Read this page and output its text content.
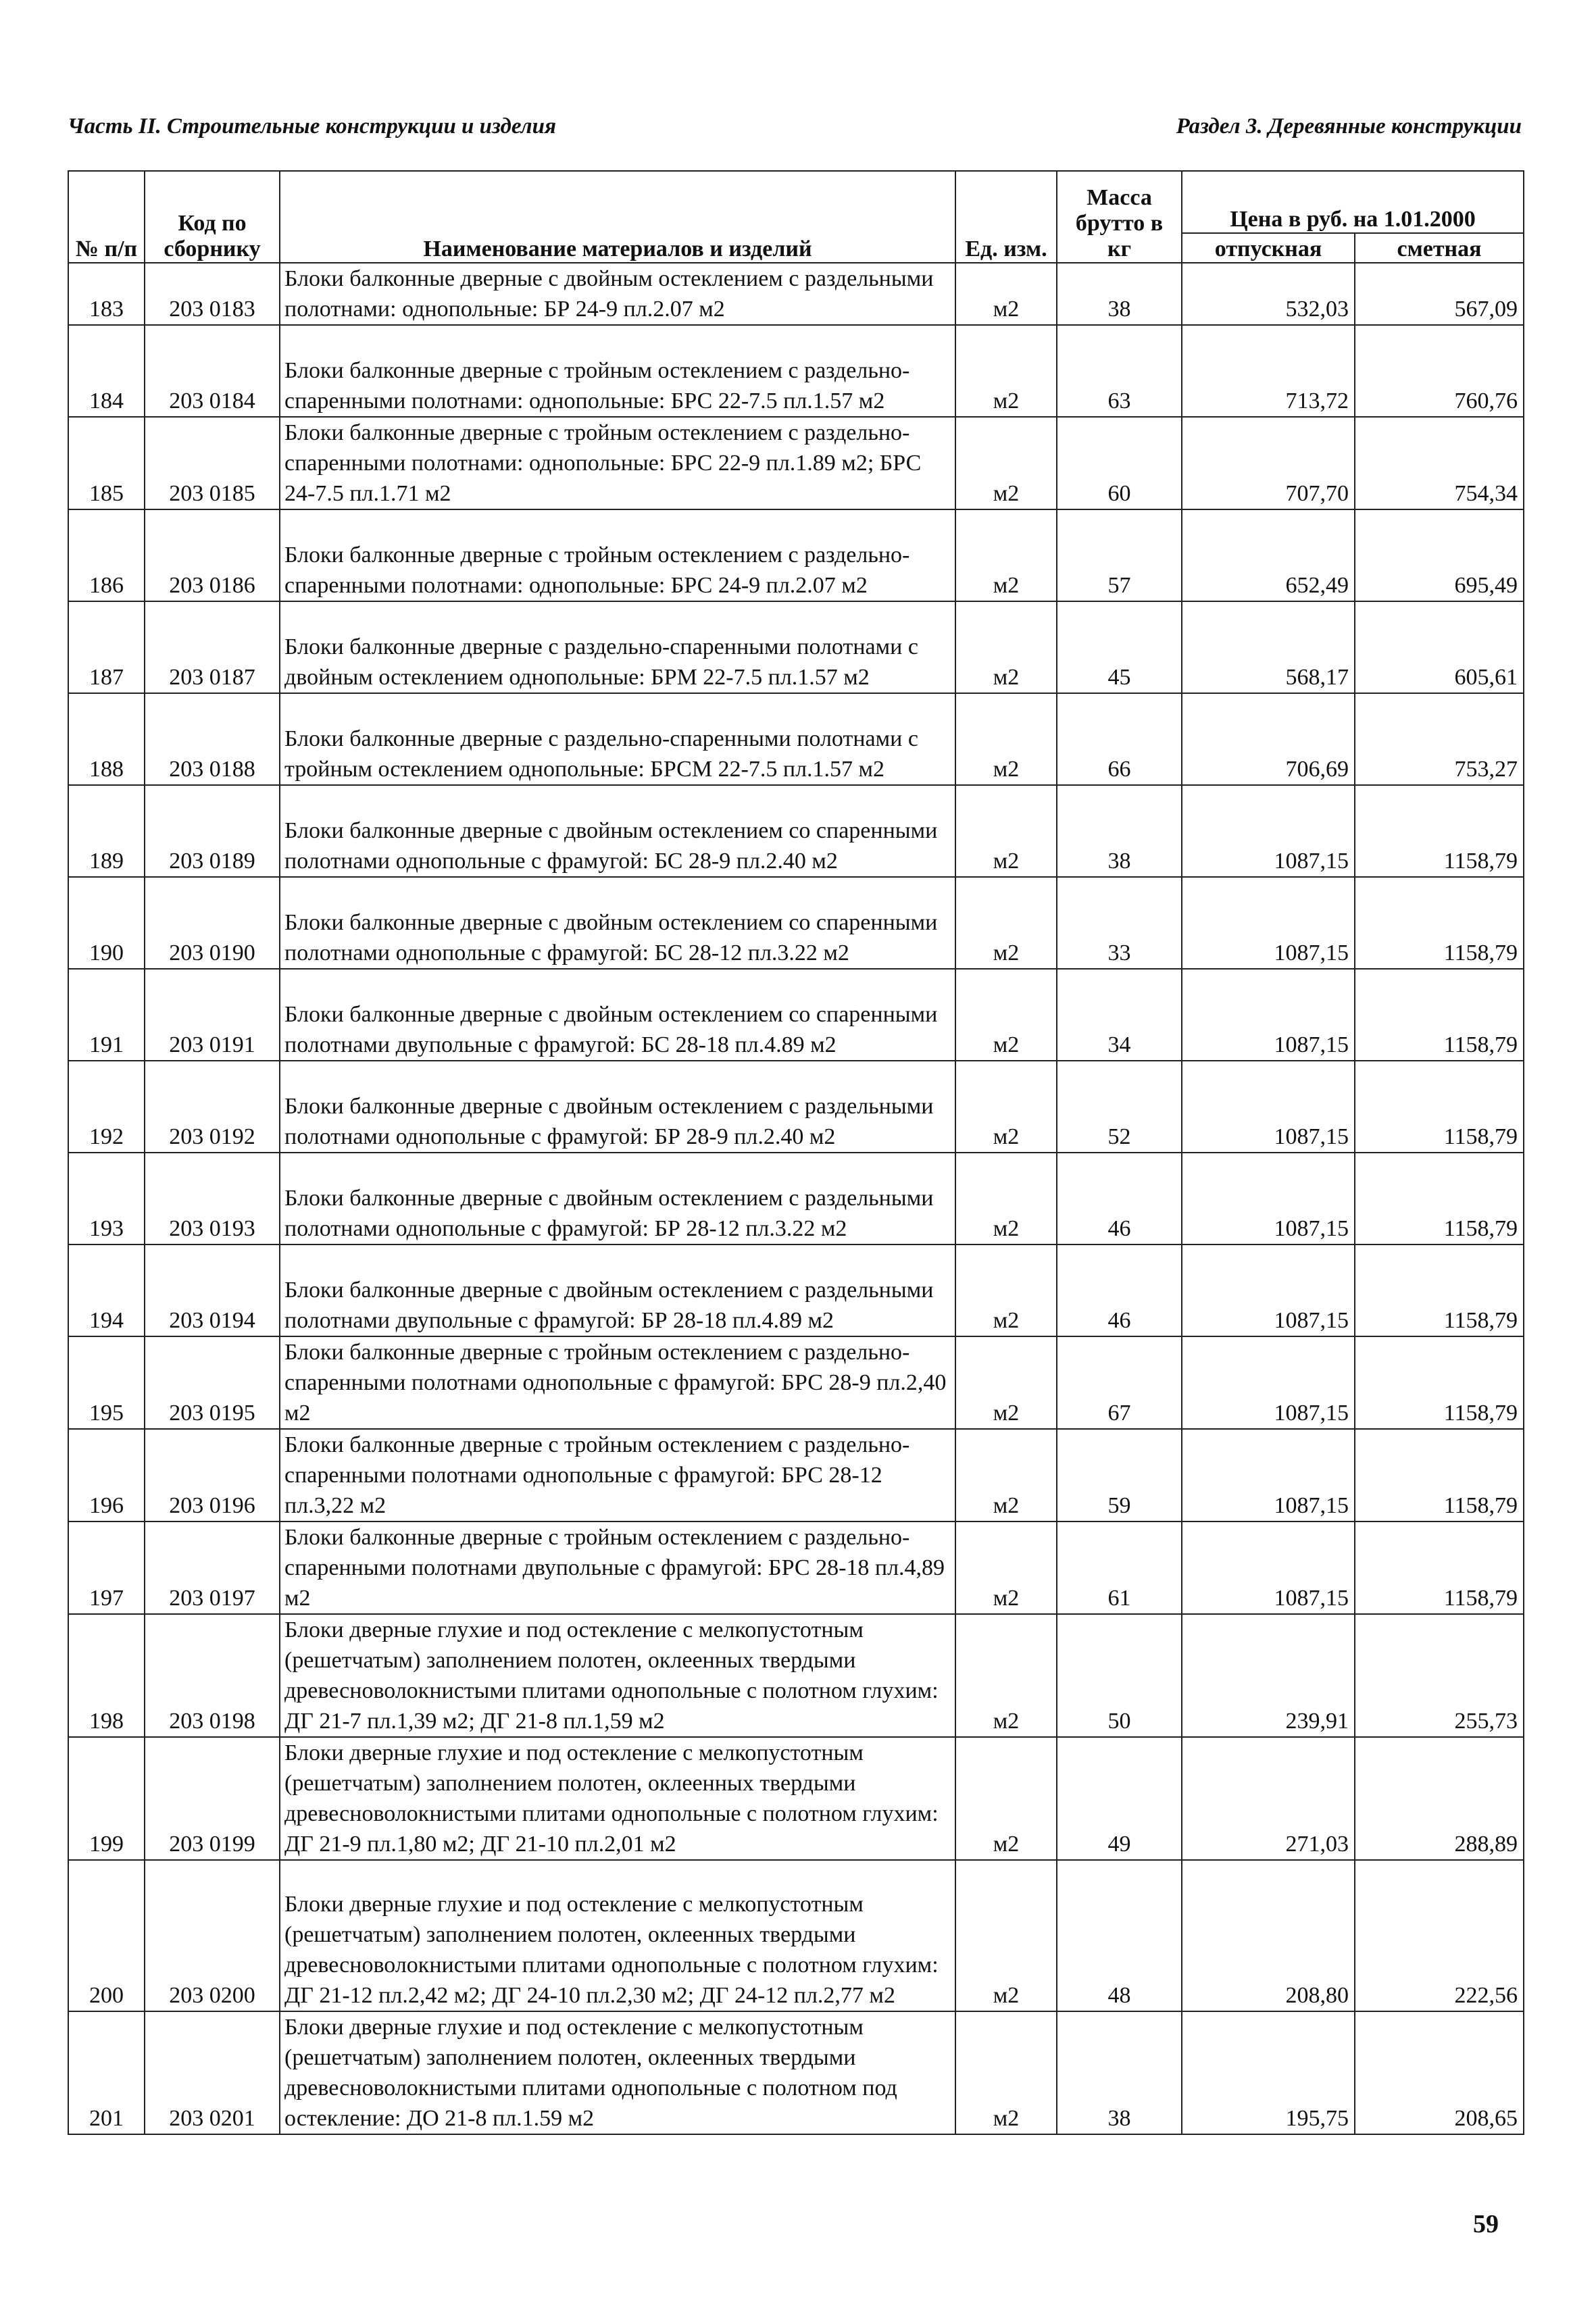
Часть II. Строительные конструкции и изделия	Раздел 3. Деревянные конструкции
№ п/п	Код по сборнику	Наименование материалов и изделий	Ед. изм.	Масса брутто в кг	Цена в руб. на 1.01.2000	
					отпускная	сметная
183	203 0183	Блоки балконные дверные с двойным остеклением с раздельными полотнами: однопольные: БР 24-9 пл.2.07 м2	м2	38	532,03	567,09
184	203 0184	Блоки балконные дверные с тройным остеклением с раздельно-спаренными полотнами: однопольные: БРС 22-7.5 пл.1.57 м2	м2	63	713,72	760,76
185	203 0185	Блоки балконные дверные с тройным остеклением с раздельно-спаренными полотнами: однопольные: БРС 22-9 пл.1.89 м2; БРС 24-7.5 пл.1.71 м2	м2	60	707,70	754,34
186	203 0186	Блоки балконные дверные с тройным остеклением с раздельно-спаренными полотнами: однопольные: БРС 24-9 пл.2.07 м2	м2	57	652,49	695,49
187	203 0187	Блоки балконные дверные с раздельно-спаренными полотнами с двойным остеклением однопольные: БРМ 22-7.5 пл.1.57 м2	м2	45	568,17	605,61
188	203 0188	Блоки балконные дверные с раздельно-спаренными полотнами с тройным остеклением однопольные: БРСМ 22-7.5 пл.1.57 м2	м2	66	706,69	753,27
189	203 0189	Блоки балконные дверные с двойным остеклением со спаренными полотнами однопольные с фрамугой: БС 28-9 пл.2.40 м2	м2	38	1087,15	1158,79
190	203 0190	Блоки балконные дверные с двойным остеклением со спаренными полотнами однопольные с фрамугой: БС 28-12 пл.3.22 м2	м2	33	1087,15	1158,79
191	203 0191	Блоки балконные дверные с двойным остеклением со спаренными полотнами двупольные с фрамугой: БС 28-18 пл.4.89 м2	м2	34	1087,15	1158,79
192	203 0192	Блоки балконные дверные с двойным остеклением с раздельными полотнами однопольные с фрамугой: БР 28-9 пл.2.40 м2	м2	52	1087,15	1158,79
193	203 0193	Блоки балконные дверные с двойным остеклением с раздельными полотнами однопольные с фрамугой: БР 28-12 пл.3.22 м2	м2	46	1087,15	1158,79
194	203 0194	Блоки балконные дверные с двойным остеклением с раздельными полотнами двупольные с фрамугой: БР 28-18 пл.4.89 м2	м2	46	1087,15	1158,79
195	203 0195	Блоки балконные дверные с тройным остеклением с раздельно-спаренными полотнами однопольные с фрамугой: БРС 28-9 пл.2,40 м2	м2	67	1087,15	1158,79
196	203 0196	Блоки балконные дверные с тройным остеклением с раздельно-спаренными полотнами однопольные с фрамугой: БРС 28-12 пл.3,22 м2	м2	59	1087,15	1158,79
197	203 0197	Блоки балконные дверные с тройным остеклением с раздельно-спаренными полотнами двупольные с фрамугой: БРС 28-18 пл.4,89 м2	м2	61	1087,15	1158,79
198	203 0198	Блоки дверные глухие и под остекление с мелкопустотным (решетчатым) заполнением полотен, оклеенных твердыми древесноволокнистыми плитами однопольные с полотном глухим: ДГ 21-7 пл.1,39 м2; ДГ 21-8 пл.1,59 м2	м2	50	239,91	255,73
199	203 0199	Блоки дверные глухие и под остекление с мелкопустотным (решетчатым) заполнением полотен, оклеенных твердыми древесноволокнистыми плитами однопольные с полотном глухим: ДГ 21-9 пл.1,80 м2; ДГ 21-10 пл.2,01 м2	м2	49	271,03	288,89
200	203 0200	Блоки дверные глухие и под остекление с мелкопустотным (решетчатым) заполнением полотен, оклеенных твердыми древесноволокнистыми плитами однопольные с полотном глухим: ДГ 21-12 пл.2,42 м2; ДГ 24-10 пл.2,30 м2; ДГ 24-12 пл.2,77 м2	м2	48	208,80	222,56
201	203 0201	Блоки дверные глухие и под остекление с мелкопустотным (решетчатым) заполнением полотен, оклеенных твердыми древесноволокнистыми плитами однопольные с полотном под остекление: ДО 21-8 пл.1.59 м2	м2	38	195,75	208,65
59
